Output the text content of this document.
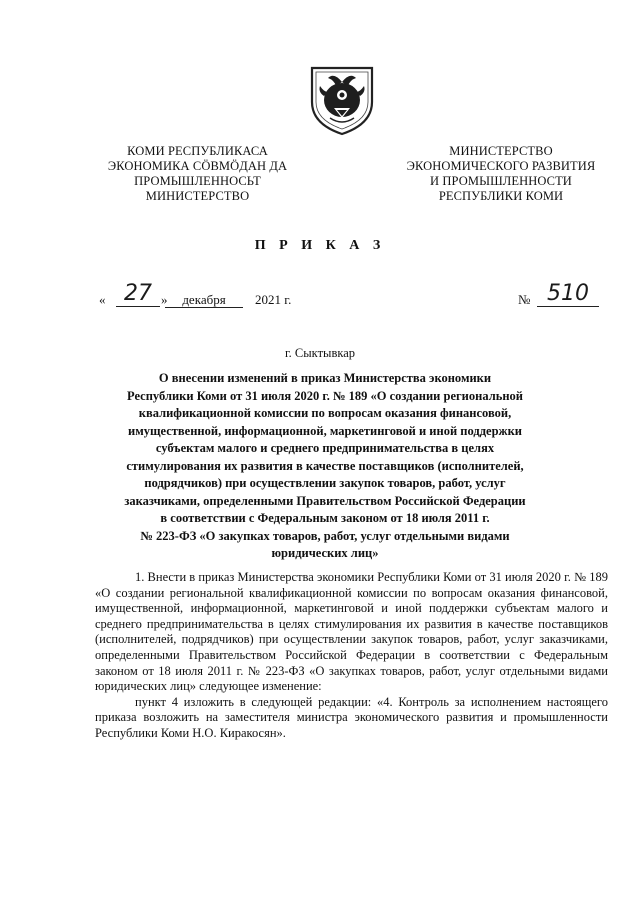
КОМИ РЕСПУБЛИКАСА
ЭКОНОМИКА СӦВМӦДАН ДА
ПРОМЫШЛЕННОСЬТ
МИНИСТЕРСТВО
МИНИСТЕРСТВО
ЭКОНОМИЧЕСКОГО РАЗВИТИЯ
И ПРОМЫШЛЕННОСТИ
РЕСПУБЛИКИ КОМИ
П Р И К А З
« 27 »	декабря	2021 г.	№ 510
г. Сыктывкар
О внесении изменений в приказ Министерства экономики
Республики Коми от 31 июля 2020 г. № 189 «О создании региональной
квалификационной комиссии по вопросам оказания финансовой,
имущественной, информационной, маркетинговой и иной поддержки
субъектам малого и среднего предпринимательства в целях
стимулирования их развития в качестве поставщиков (исполнителей,
подрядчиков) при осуществлении закупок товаров, работ, услуг
заказчиками, определенными Правительством Российской Федерации
в соответствии с Федеральным законом от 18 июля 2011 г.
№ 223-ФЗ «О закупках товаров, работ, услуг отдельными видами
юридических лиц»

1. Внести в приказ Министерства экономики Республики Коми от 31 июля 2020 г. № 189 «О создании региональной квалификационной комиссии по вопросам оказания финансовой, имущественной, информационной, маркетинговой и иной поддержки субъектам малого и среднего предпринимательства в целях стимулирования их развития в качестве поставщиков (исполнителей, подрядчиков) при осуществлении закупок товаров, работ, услуг заказчиками, определенными Правительством Российской Федерации в соответствии с Федеральным законом от 18 июля 2011 г. № 223-ФЗ «О закупках товаров, работ, услуг отдельными видами юридических лиц» следующее изменение:

пункт 4 изложить в следующей редакции: «4. Контроль за исполнением настоящего приказа возложить на заместителя министра экономического развития и промышленности Республики Коми Н.О. Киракосян».
